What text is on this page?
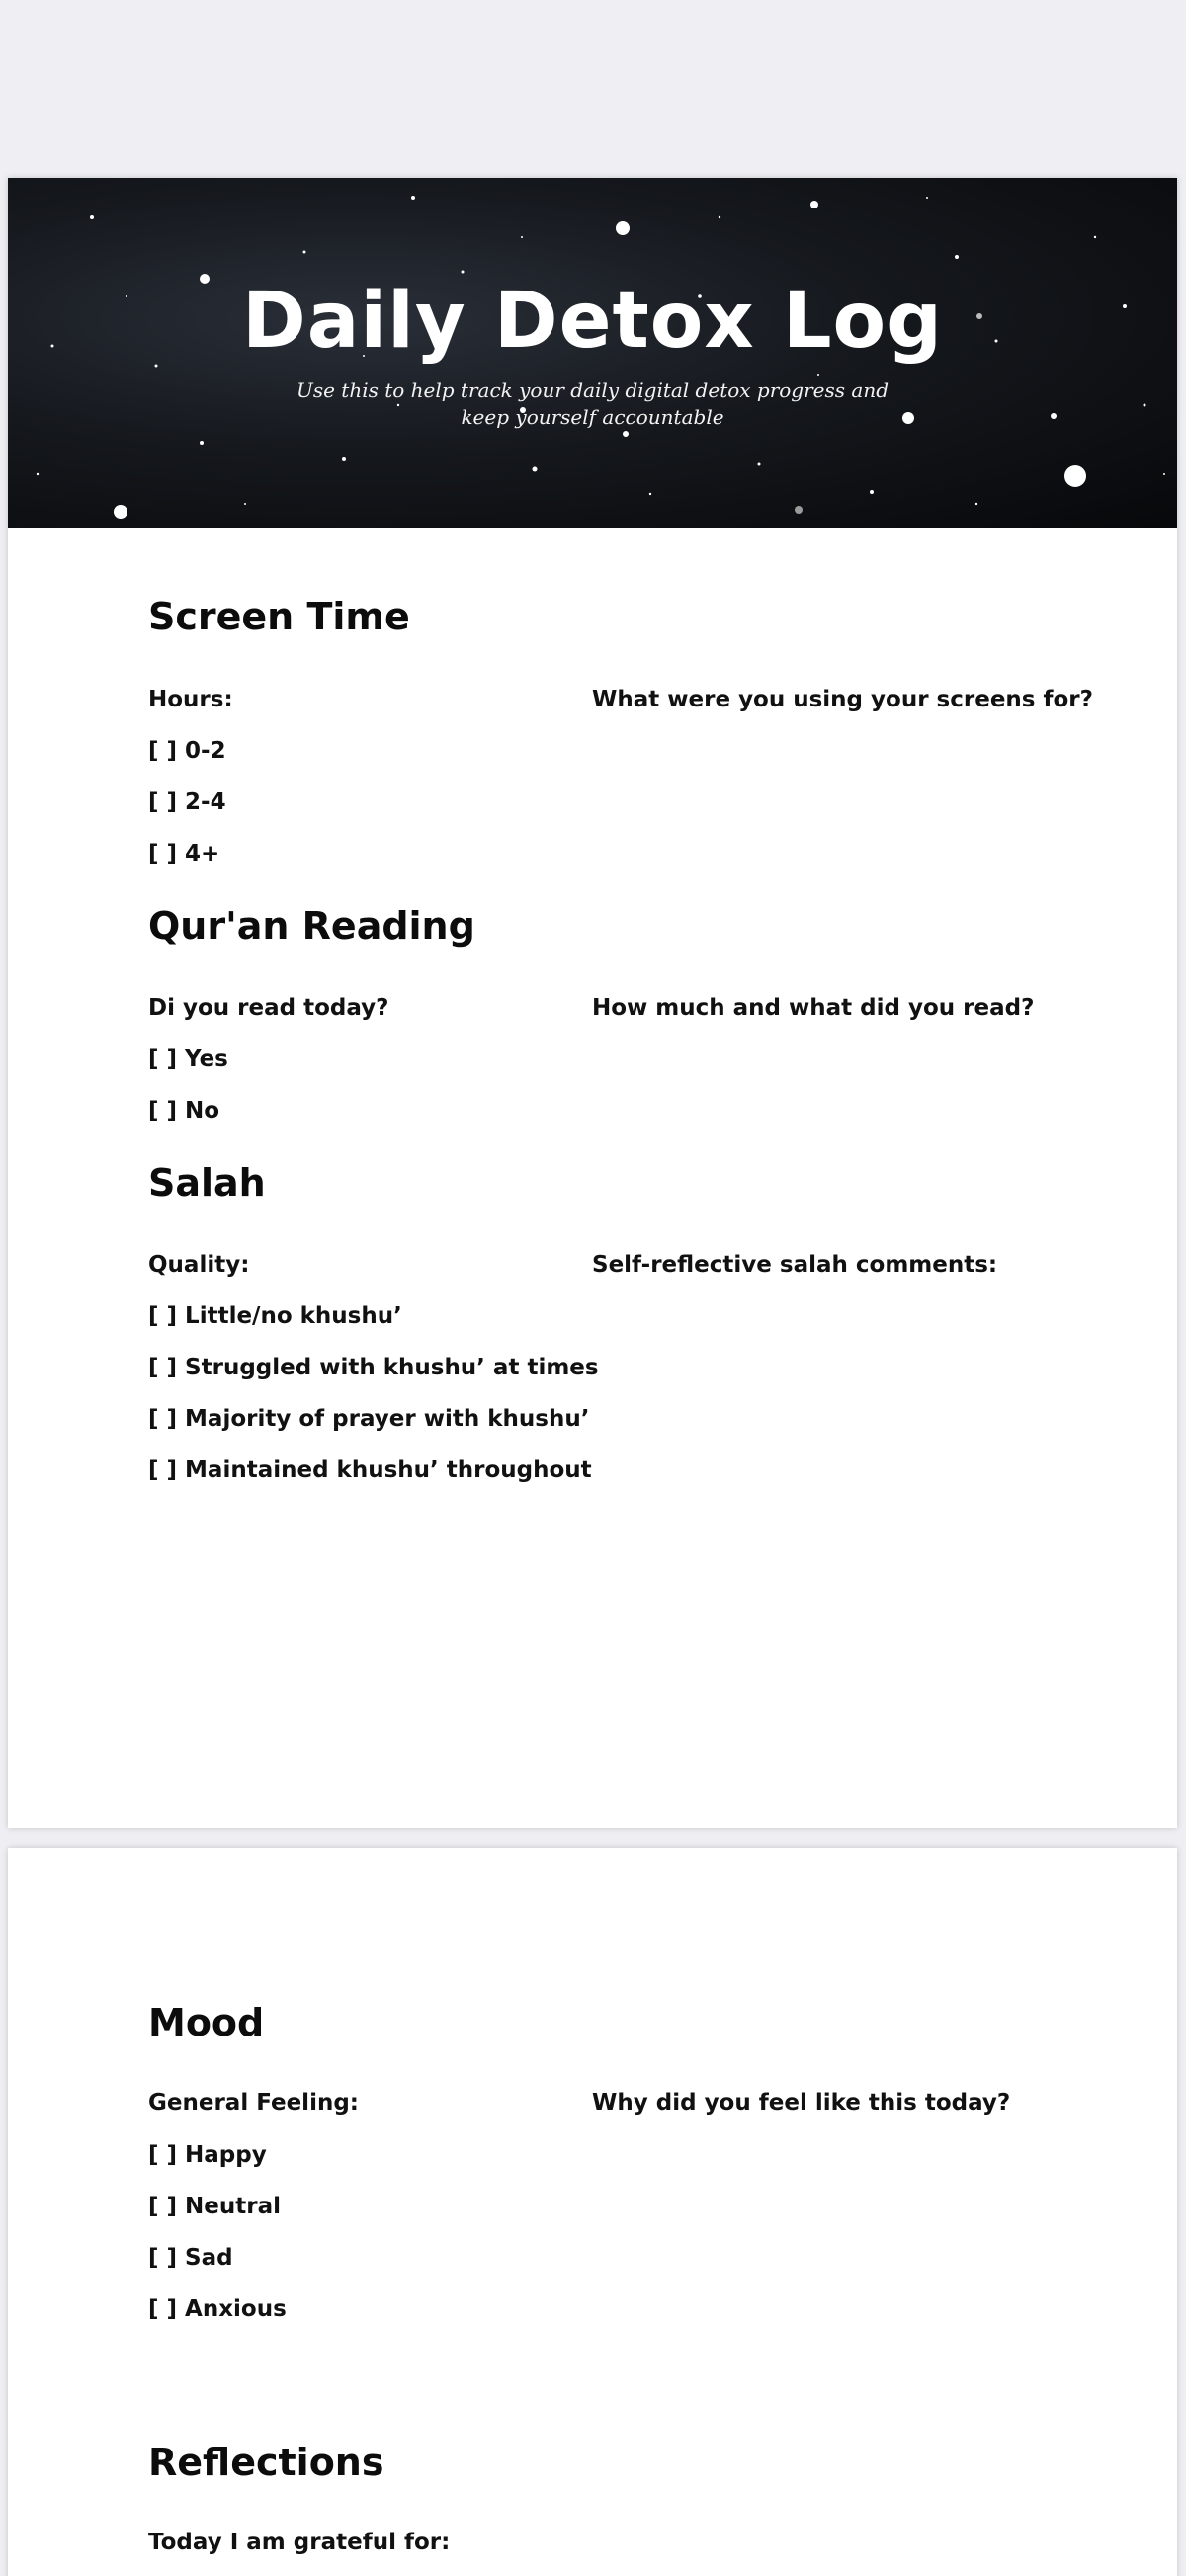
Daily Detox Log
Use this to help track your daily digital detox progress and keep yourself accountable
Screen Time
Hours:	What were you using your screens for?
[ ] 0-2
[ ] 2-4
[ ] 4+
Qur'an Reading
Di you read today?	How much and what did you read?
[ ] Yes
[ ] No
Salah
Quality:	Self-reflective salah comments:
[ ] Little/no khushu’
[ ] Struggled with khushu’ at times
[ ] Majority of prayer with khushu’
[ ] Maintained khushu’ throughout
Mood
General Feeling:	Why did you feel like this today?
[ ] Happy
[ ] Neutral
[ ] Sad
[ ] Anxious
Reflections
Today I am grateful for:
